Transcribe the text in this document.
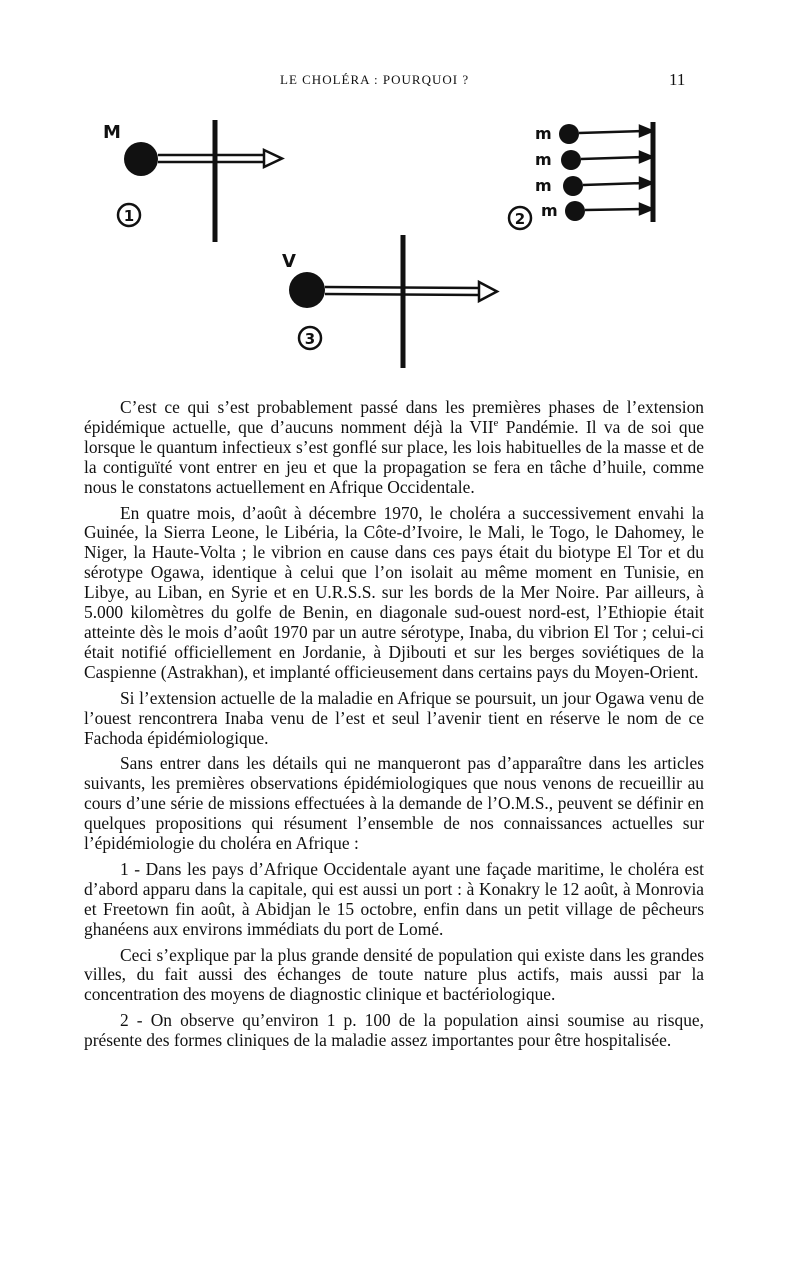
LE CHOLÉRA : POURQUOI ?	11
M
1
m
m
m
m
2
V
3

C’est ce qui s’est probablement passé dans les premières phases de l’extension épidémique actuelle, que d’aucuns nomment déjà la VIIe Pandémie. Il va de soi que lorsque le quantum infectieux s’est gonflé sur place, les lois habituelles de la masse et de la contiguïté vont entrer en jeu et que la propagation se fera en tâche d’huile, comme nous le constatons actuellement en Afrique Occidentale.

En quatre mois, d’août à décembre 1970, le choléra a successivement envahi la Guinée, la Sierra Leone, le Libéria, la Côte-d’Ivoire, le Mali, le Togo, le Dahomey, le Niger, la Haute-Volta ; le vibrion en cause dans ces pays était du biotype El Tor et du sérotype Ogawa, identique à celui que l’on isolait au même moment en Tunisie, en Libye, au Liban, en Syrie et en U.R.S.S. sur les bords de la Mer Noire. Par ailleurs, à 5.000 kilomètres du golfe de Benin, en diagonale sud-ouest nord-est, l’Ethiopie était atteinte dès le mois d’août 1970 par un autre sérotype, Inaba, du vibrion El Tor ; celui-ci était notifié officiellement en Jordanie, à Djibouti et sur les berges soviétiques de la Caspienne (Astrakhan), et implanté officieusement dans certains pays du Moyen-Orient.

Si l’extension actuelle de la maladie en Afrique se poursuit, un jour Ogawa venu de l’ouest rencontrera Inaba venu de l’est et seul l’avenir tient en réserve le nom de ce Fachoda épidémiologique.

Sans entrer dans les détails qui ne manqueront pas d’apparaître dans les articles suivants, les premières observations épidémiologiques que nous venons de recueillir au cours d’une série de missions effectuées à la demande de l’O.M.S., peuvent se définir en quelques propositions qui résument l’ensemble de nos connaissances actuelles sur l’épidémiologie du choléra en Afrique :

1 - Dans les pays d’Afrique Occidentale ayant une façade maritime, le choléra est d’abord apparu dans la capitale, qui est aussi un port : à Konakry le 12 août, à Monrovia et Freetown fin août, à Abidjan le 15 octobre, enfin dans un petit village de pêcheurs ghanéens aux environs immédiats du port de Lomé.

Ceci s’explique par la plus grande densité de population qui existe dans les grandes villes, du fait aussi des échanges de toute nature plus actifs, mais aussi par la concentration des moyens de diagnostic clinique et bactériologique.

2 - On observe qu’environ 1 p. 100 de la population ainsi soumise au risque, présente des formes cliniques de la maladie assez importantes pour être hospitalisée.
